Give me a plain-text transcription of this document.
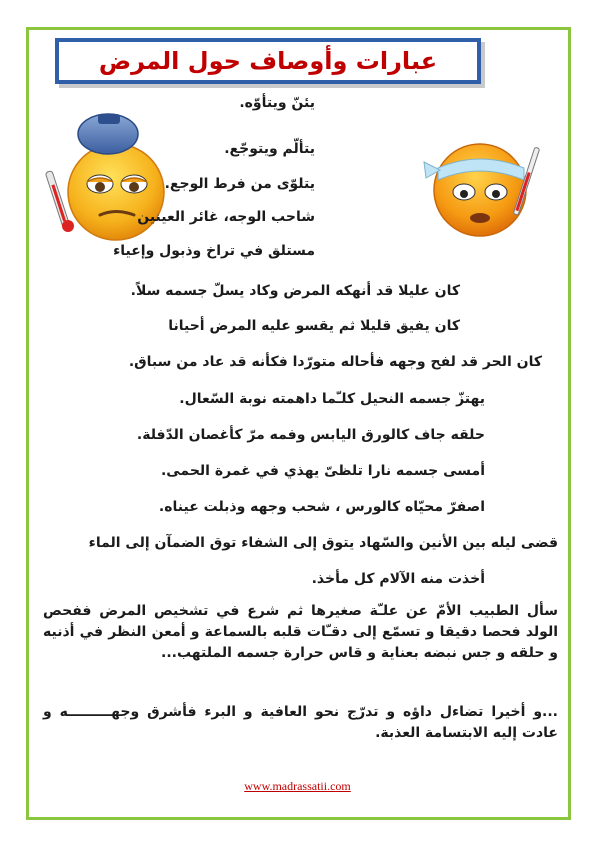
عبارات وأوصاف حول المرض
يئنّ ويتأوّه.
يتألّم ويتوجّع.
يتلوّى من فرط الوجع.
شاحب الوجه، غائر العينين
مستلق في تراخ وذبول وإعياء
كان عليلا قد أنهكه المرض وكاد يسلّ جسمه سلاً.
كان يفيق قليلا ثم يقسو عليه المرض أحيانا
كان الحر قد لفح وجهه فأحاله متورّدا فكأنه قد عاد من سباق.
يهتزّ جسمه النحيل كلـّما داهمته نوبة السّعال.
حلقه جاف كالورق اليابس وفمه مرّ كأغصان الدّفلة.
أمسى جسمه نارا تلظىّ يهذي في غمرة الحمى.
اصفرّ محيّاه كالورس ، شحب وجهه وذبلت عيناه.
قضى ليله بين الأنين والسّهاد يتوق إلى الشفاء توق الضمآن إلى الماء
أخذت منه الآلام كل مأخذ.
سأل الطبيب الأمّ عن علـّة صغيرها ثم شرع في تشخيص المرض ففحص الولد فحصا دقيقا و تسمّع إلى دقـّات قلبه بالسماعة و أمعن النظر في أذنيه و حلقه و جس نبضه بعناية و قاس حرارة جسمه الملتهب...
...و أخيرا تضاءل داؤه و تدرّج نحو العافية و البرء فأشرق وجهـــــــــه و عادت إليه الابتسامة العذبة.
www.madrassatii.com
